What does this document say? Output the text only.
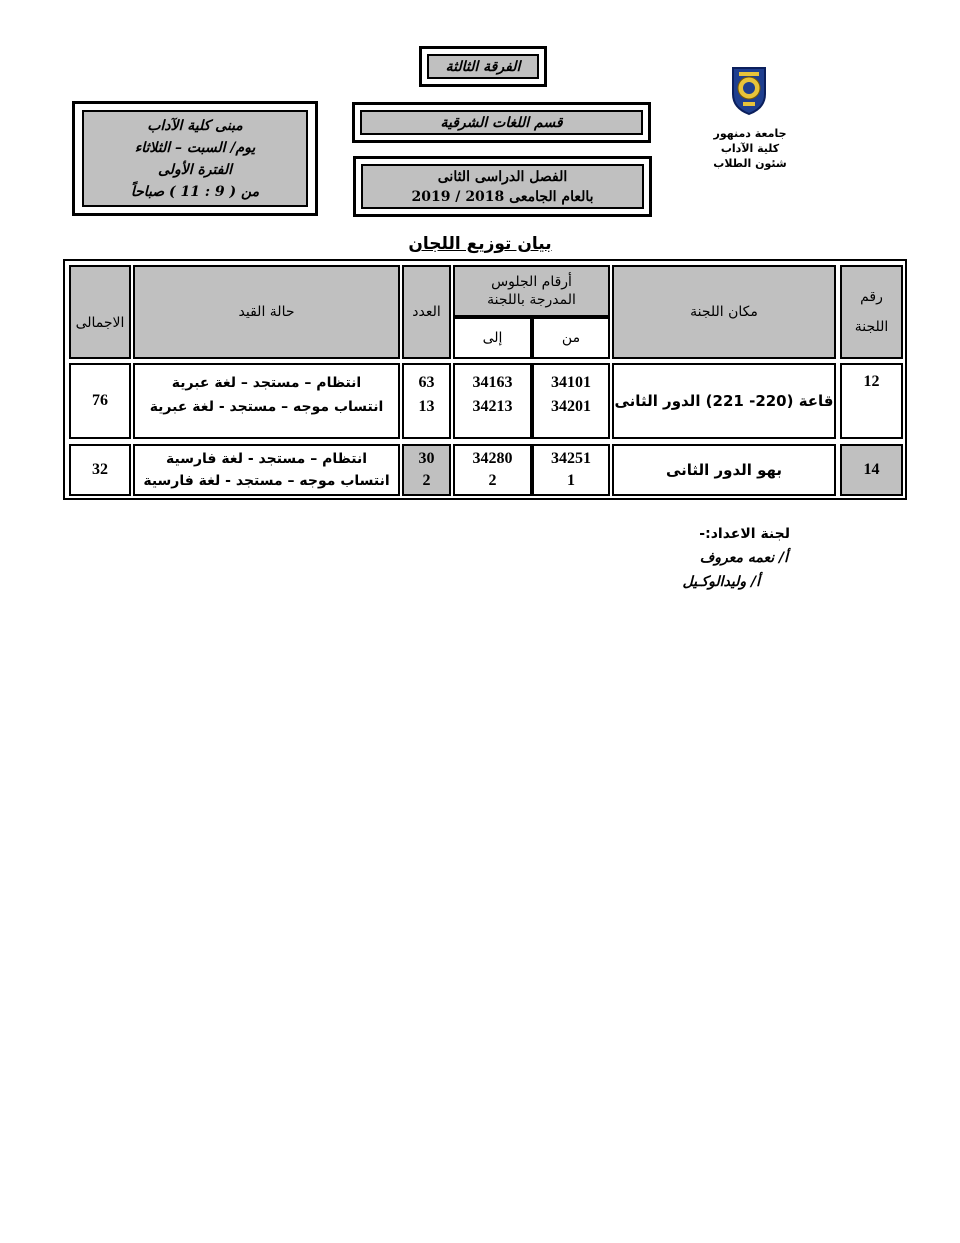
جامعة دمنهور
كلية الآداب
شئون الطلاب
الفرقة الثالثة
قسم اللغات الشرقية
الفصل الدراسى الثانى
بالعام الجامعى 2018 / 2019
مبنى كلية الآداب
يوم/ السبت – الثلاثاء
الفترة الأولى
من ( 9 : 11 ) صباحاً
بيان توزيع اللجان
رقم
اللجنة
مكان اللجنة
أرقام الجلوس
المدرجة باللجنة
من
إلى
العدد
حالة القيد
الاجمالى
12
قاعة (220- 221) الدور الثانى
34101
34201
34163
34213
63
13
انتظام – مستجد – لغة عبرية
انتساب موجه – مستجد - لغة عبرية
76
14
بهو الدور الثانى
34251
1
34280
2
30
2
انتظام – مستجد - لغة فارسية
انتساب موجه – مستجد - لغة فارسية
32
لجنة الاعداد:-
أ/ نعمه معروف
أ/ وليدالوكـيل
